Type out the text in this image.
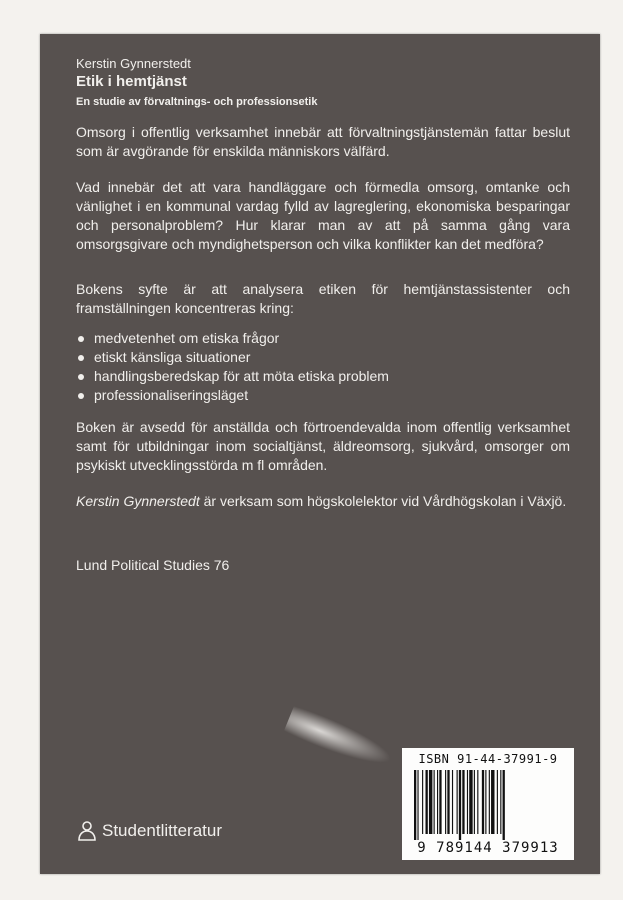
Kerstin Gynnerstedt
Etik i hemtjänst
En studie av förvaltnings- och professionsetik

Omsorg i offentlig verksamhet innebär att förvaltningstjänstemän fattar beslut som är avgörande för enskilda människors välfärd.

Vad innebär det att vara handläggare och förmedla omsorg, omtanke och vänlighet i en kommunal vardag fylld av lagreglering, ekonomiska besparingar och personalproblem? Hur klarar man av att på samma gång vara omsorgsgivare och myndighetsperson och vilka konflikter kan det medföra?

Bokens syfte är att analysera etiken för hemtjänstassistenter och framställningen koncentreras kring:

medvetenhet om etiska frågor
etiskt känsliga situationer
handlingsberedskap för att möta etiska problem
professionaliseringsläget

Boken är avsedd för anställda och förtroendevalda inom offentlig verksamhet samt för utbildningar inom socialtjänst, äldreomsorg, sjukvård, omsorger om psykiskt utvecklingsstörda m fl områden.

Kerstin Gynnerstedt är verksam som högskolelektor vid Vårdhögskolan i Växjö.

Lund Political Studies 76
Studentlitteratur
ISBN 91-44-37991-9
9 789144 379913
